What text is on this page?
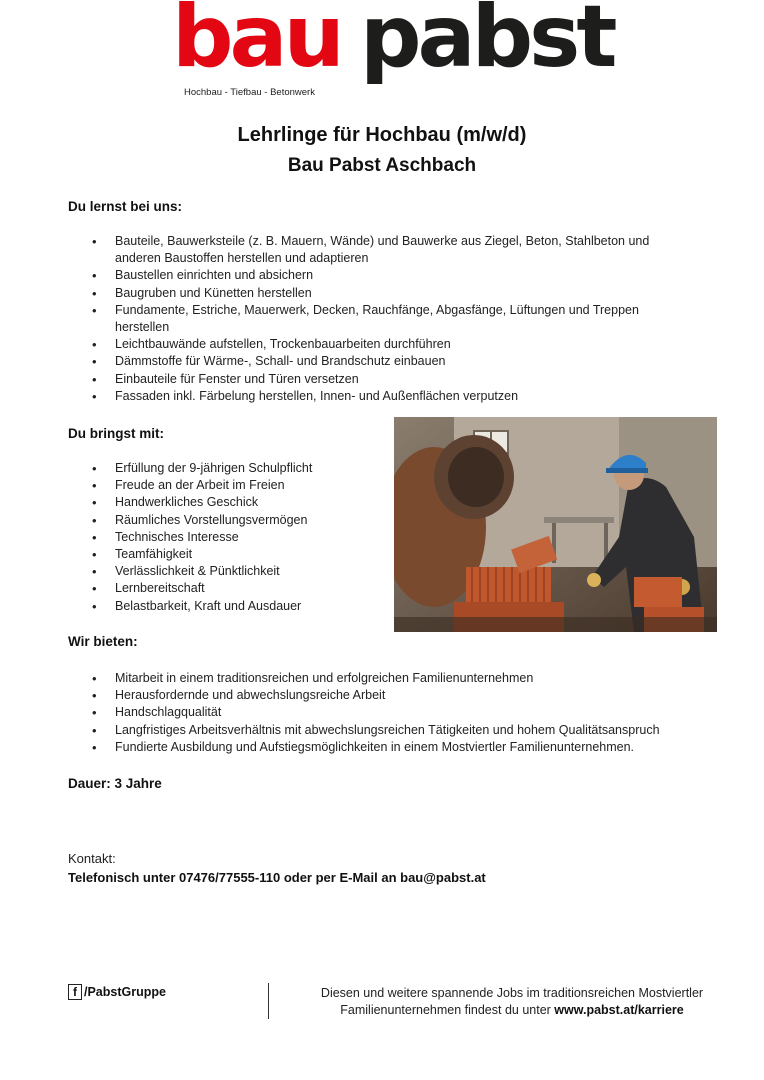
bau pabst
Hochbau - Tiefbau - Betonwerk
Lehrlinge für Hochbau (m/w/d)
Bau Pabst Aschbach
Du lernst bei uns:
• Bauteile, Bauwerksteile (z. B. Mauern, Wände) und Bauwerke aus Ziegel, Beton, Stahlbeton und anderen Baustoffen herstellen und adaptieren
• Baustellen einrichten und absichern
• Baugruben und Künetten herstellen
• Fundamente, Estriche, Mauerwerk, Decken, Rauchfänge, Abgasfänge, Lüftungen und Treppen herstellen
• Leichtbauwände aufstellen, Trockenbauarbeiten durchführen
• Dämmstoffe für Wärme-, Schall- und Brandschutz einbauen
• Einbauteile für Fenster und Türen versetzen
• Fassaden inkl. Färbelung herstellen, Innen- und Außenflächen verputzen
Du bringst mit:
• Erfüllung der 9-jährigen Schulpflicht
• Freude an der Arbeit im Freien
• Handwerkliches Geschick
• Räumliches Vorstellungsvermögen
• Technisches Interesse
• Teamfähigkeit
• Verlässlichkeit & Pünktlichkeit
• Lernbereitschaft
• Belastbarkeit, Kraft und Ausdauer
Wir bieten:
• Mitarbeit in einem traditionsreichen und erfolgreichen Familienunternehmen
• Herausfordernde und abwechslungsreiche Arbeit
• Handschlagqualität
• Langfristiges Arbeitsverhältnis mit abwechslungsreichen Tätigkeiten und hohem Qualitätsanspruch
• Fundierte Ausbildung und Aufstiegsmöglichkeiten in einem Mostviertler Familienunternehmen.
Dauer: 3 Jahre
Kontakt:
Telefonisch unter 07476/77555-110 oder per E-Mail an bau@pabst.at
f /PabstGruppe	Diesen und weitere spannende Jobs im traditionsreichen Mostviertler
Familienunternehmen findest du unter www.pabst.at/karriere
